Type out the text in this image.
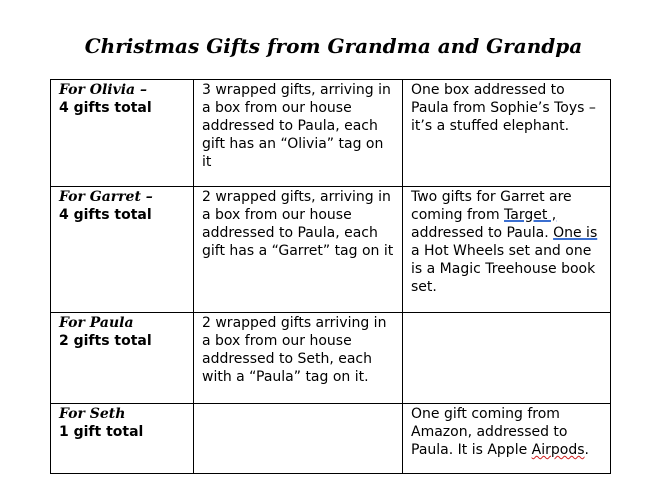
Christmas Gifts from Grandma and Grandpa
For Olivia –
4 gifts total	3 wrapped gifts, arriving in a box from our house addressed to Paula, each gift has an “Olivia” tag on it	One box addressed to Paula from Sophie’s Toys – it’s a stuffed elephant.

For Garret –
4 gifts total	2 wrapped gifts, arriving in a box from our house addressed to Paula, each gift has a “Garret” tag on it	Two gifts for Garret are coming from Target , addressed to Paula. One is a Hot Wheels set and one is a Magic Treehouse book set.

For Paula
2 gifts total	2 wrapped gifts arriving in a box from our house addressed to Seth, each with a “Paula” tag on it.	

For Seth
1 gift total		One gift coming from Amazon, addressed to Paula. It is Apple Airpods.
